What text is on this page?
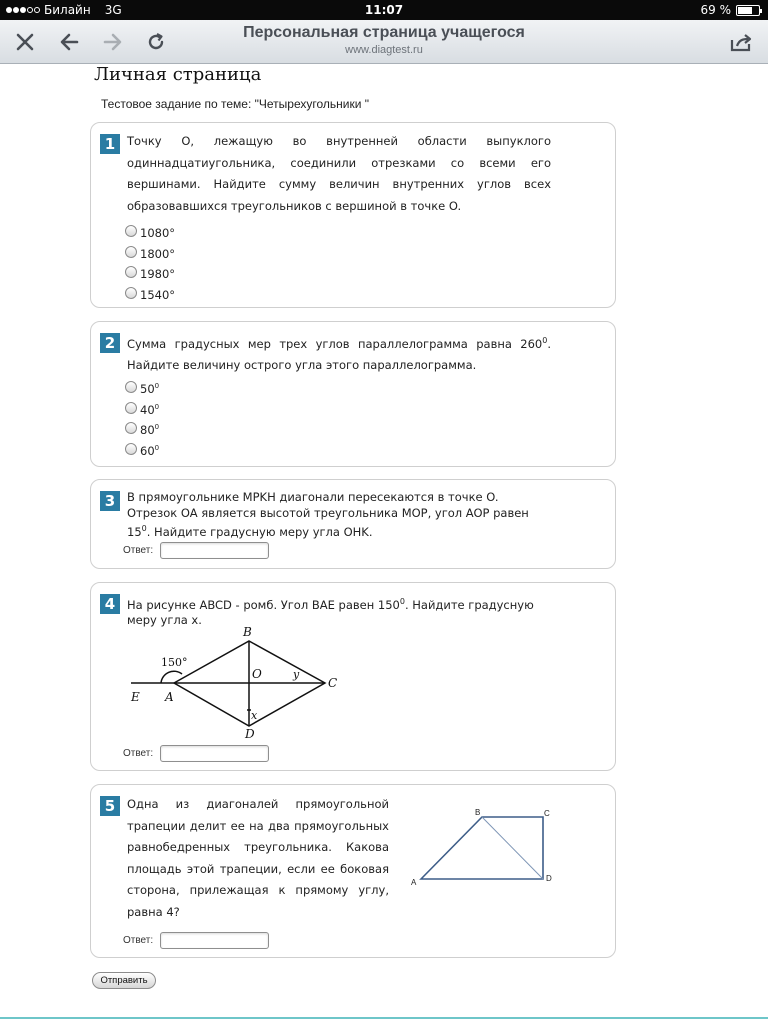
Билайн 3G	11:07	69 %
Персональная страница учащегося
www.diagtest.ru
Личная страница
Тестовое задание по теме: "Четырехугольники "
1	Точку O, лежащую во внутренней области выпуклого одиннадцатиугольника, соединили отрезками со всеми его вершинами. Найдите сумму величин внутренних углов всех образовавшихся треугольников с вершиной в точке O.
1080°
1800°
1980°
1540°
2	Сумма градусных мер трех углов параллелограмма равна $260^0$. Найдите величину острого угла этого параллелограмма.
$50^0$
$40^0$
$80^0$
$60^0$
3	В прямоугольнике MPKH диагонали пересекаются в точке O. Отрезок OA является высотой треугольника MOP, угол AOP равен $15^0$. Найдите градусную меру угла OHK.
Ответ:
4	На рисунке ABCD - ромб. Угол BAE равен $150^0$. Найдите градусную меру угла x.
B
C
D
E A
O
x
y
150°
Ответ:
5	Одна из диагоналей прямоугольной трапеции делит ее на два прямоугольных равнобедренных треугольника. Какова площадь этой трапеции, если ее боковая сторона, прилежащая к прямому углу, равна 4?
A
B	C
D
Ответ:
Отправить
